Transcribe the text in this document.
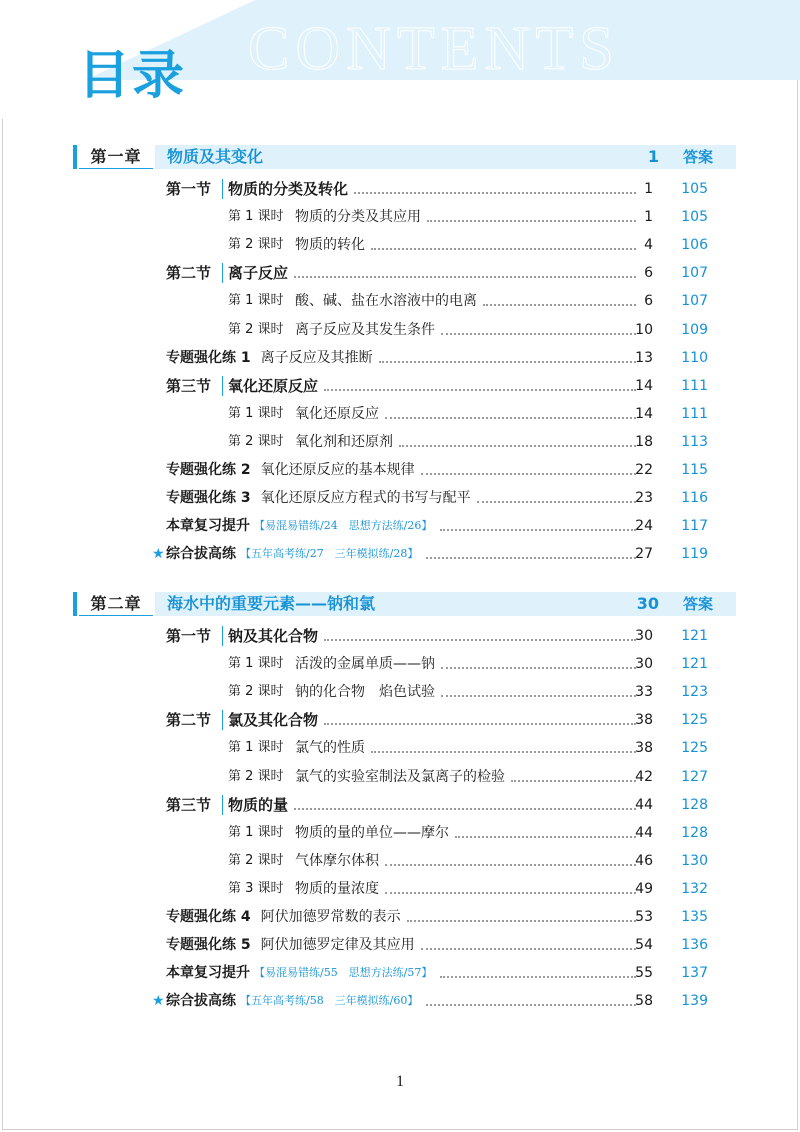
CONTENTS
目录
第一章	物质及其变化	1	答案
第一节 物质的分类及转化	1	105
第 1 课时 物质的分类及其应用	1	105
第 2 课时 物质的转化	4	106
第二节 离子反应	6	107
第 1 课时 酸、碱、盐在水溶液中的电离	6	107
第 2 课时 离子反应及其发生条件	10	109
专题强化练 1 离子反应及其推断	13	110
第三节 氧化还原反应	14	111
第 1 课时 氧化还原反应	14	111
第 2 课时 氧化剂和还原剂	18	113
专题强化练 2 氧化还原反应的基本规律	22	115
专题强化练 3 氧化还原反应方程式的书写与配平	23	116
本章复习提升 【易混易错练/24　思想方法练/26】	24	117
★ 综合拔高练 【五年高考练/27　三年模拟练/28】	27	119
第二章	海水中的重要元素——钠和氯	30	答案
第一节 钠及其化合物	30	121
第 1 课时 活泼的金属单质——钠	30	121
第 2 课时 钠的化合物　焰色试验	33	123
第二节 氯及其化合物	38	125
第 1 课时 氯气的性质	38	125
第 2 课时 氯气的实验室制法及氯离子的检验	42	127
第三节 物质的量	44	128
第 1 课时 物质的量的单位——摩尔	44	128
第 2 课时 气体摩尔体积	46	130
第 3 课时 物质的量浓度	49	132
专题强化练 4 阿伏加德罗常数的表示	53	135
专题强化练 5 阿伏加德罗定律及其应用	54	136
本章复习提升 【易混易错练/55　思想方法练/57】	55	137
★ 综合拔高练 【五年高考练/58　三年模拟练/60】	58	139
1
